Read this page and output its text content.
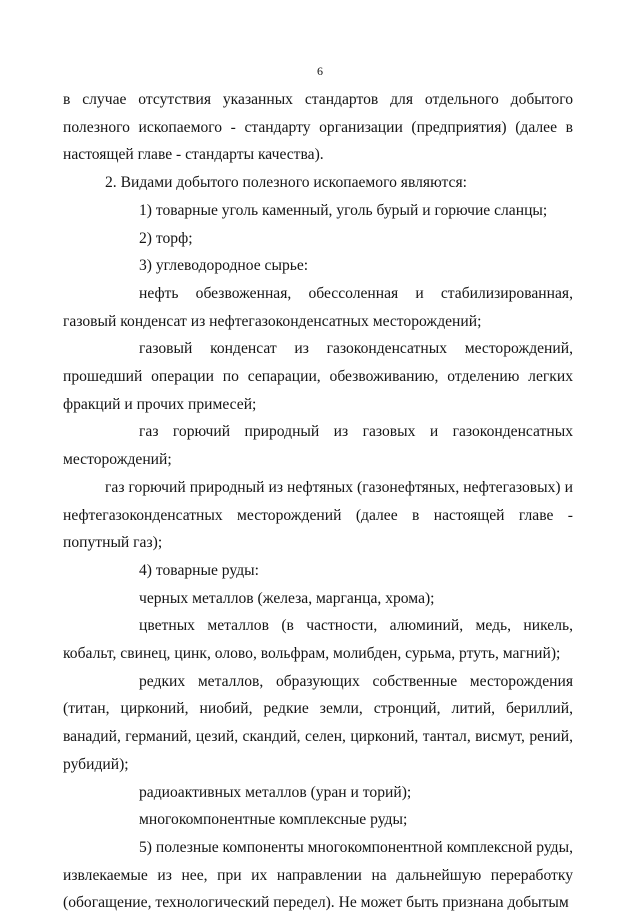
6

в случае отсутствия указанных стандартов для отдельного добытого полезного ископаемого - стандарту организации (предприятия) (далее в настоящей главе - стандарты качества).

2. Видами добытого полезного ископаемого являются:

1) товарные уголь каменный, уголь бурый и горючие сланцы;

2) торф;

3) углеводородное сырье:

нефть обезвоженная, обессоленная и стабилизированная, газовый конденсат из нефтегазоконденсатных месторождений;

газовый конденсат из газоконденсатных месторождений, прошедший операции по сепарации, обезвоживанию, отделению легких фракций и прочих примесей;

газ горючий природный из газовых и газоконденсатных месторождений;

газ горючий природный из нефтяных (газонефтяных, нефтегазовых) и нефтегазоконденсатных месторождений (далее в настоящей главе - попутный газ);

4) товарные руды:

черных металлов (железа, марганца, хрома);

цветных металлов (в частности, алюминий, медь, никель, кобальт, свинец, цинк, олово, вольфрам, молибден, сурьма, ртуть, магний);

редких металлов, образующих собственные месторождения (титан, цирконий, ниобий, редкие земли, стронций, литий, бериллий, ванадий, германий, цезий, скандий, селен, цирконий, тантал, висмут, рений, рубидий);

радиоактивных металлов (уран и торий);

многокомпонентные комплексные руды;

5) полезные компоненты многокомпонентной комплексной руды, извлекаемые из нее, при их направлении на дальнейшую переработку (обогащение, технологический передел). Не может быть признана добытым
